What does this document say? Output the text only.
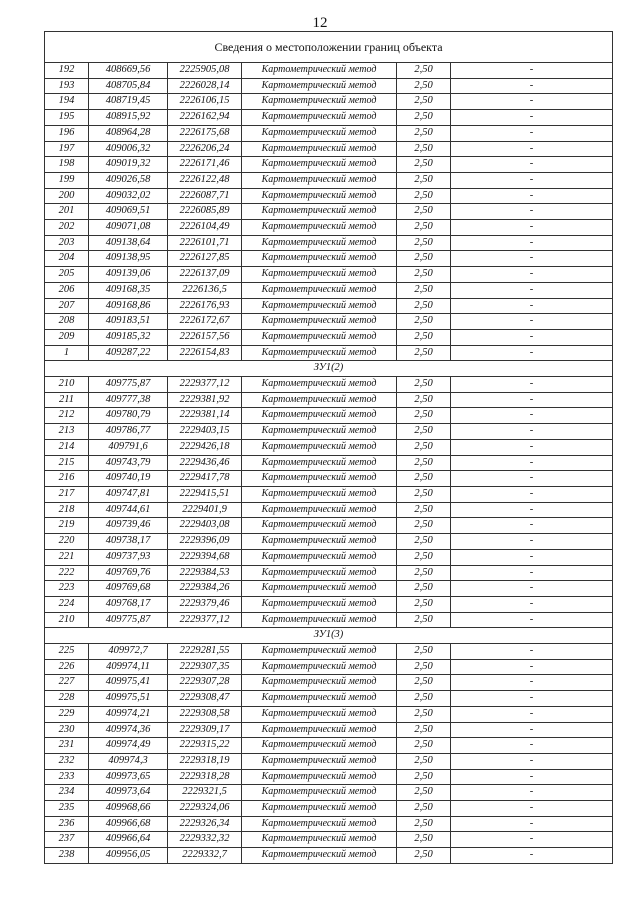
12
Сведения о местоположении границ объекта					
192	408669,56	2225905,08	Картометрический метод	2,50	-
193	408705,84	2226028,14	Картометрический метод	2,50	-
194	408719,45	2226106,15	Картометрический метод	2,50	-
195	408915,92	2226162,94	Картометрический метод	2,50	-
196	408964,28	2226175,68	Картометрический метод	2,50	-
197	409006,32	2226206,24	Картометрический метод	2,50	-
198	409019,32	2226171,46	Картометрический метод	2,50	-
199	409026,58	2226122,48	Картометрический метод	2,50	-
200	409032,02	2226087,71	Картометрический метод	2,50	-
201	409069,51	2226085,89	Картометрический метод	2,50	-
202	409071,08	2226104,49	Картометрический метод	2,50	-
203	409138,64	2226101,71	Картометрический метод	2,50	-
204	409138,95	2226127,85	Картометрический метод	2,50	-
205	409139,06	2226137,09	Картометрический метод	2,50	-
206	409168,35	2226136,5	Картометрический метод	2,50	-
207	409168,86	2226176,93	Картометрический метод	2,50	-
208	409183,51	2226172,67	Картометрический метод	2,50	-
209	409185,32	2226157,56	Картометрический метод	2,50	-
1	409287,22	2226154,83	Картометрический метод	2,50	-
ЗУ1(2)					
210	409775,87	2229377,12	Картометрический метод	2,50	-
211	409777,38	2229381,92	Картометрический метод	2,50	-
212	409780,79	2229381,14	Картометрический метод	2,50	-
213	409786,77	2229403,15	Картометрический метод	2,50	-
214	409791,6	2229426,18	Картометрический метод	2,50	-
215	409743,79	2229436,46	Картометрический метод	2,50	-
216	409740,19	2229417,78	Картометрический метод	2,50	-
217	409747,81	2229415,51	Картометрический метод	2,50	-
218	409744,61	2229401,9	Картометрический метод	2,50	-
219	409739,46	2229403,08	Картометрический метод	2,50	-
220	409738,17	2229396,09	Картометрический метод	2,50	-
221	409737,93	2229394,68	Картометрический метод	2,50	-
222	409769,76	2229384,53	Картометрический метод	2,50	-
223	409769,68	2229384,26	Картометрический метод	2,50	-
224	409768,17	2229379,46	Картометрический метод	2,50	-
210	409775,87	2229377,12	Картометрический метод	2,50	-
ЗУ1(3)					
225	409972,7	2229281,55	Картометрический метод	2,50	-
226	409974,11	2229307,35	Картометрический метод	2,50	-
227	409975,41	2229307,28	Картометрический метод	2,50	-
228	409975,51	2229308,47	Картометрический метод	2,50	-
229	409974,21	2229308,58	Картометрический метод	2,50	-
230	409974,36	2229309,17	Картометрический метод	2,50	-
231	409974,49	2229315,22	Картометрический метод	2,50	-
232	409974,3	2229318,19	Картометрический метод	2,50	-
233	409973,65	2229318,28	Картометрический метод	2,50	-
234	409973,64	2229321,5	Картометрический метод	2,50	-
235	409968,66	2229324,06	Картометрический метод	2,50	-
236	409966,68	2229326,34	Картометрический метод	2,50	-
237	409966,64	2229332,32	Картометрический метод	2,50	-
238	409956,05	2229332,7	Картометрический метод	2,50	-
